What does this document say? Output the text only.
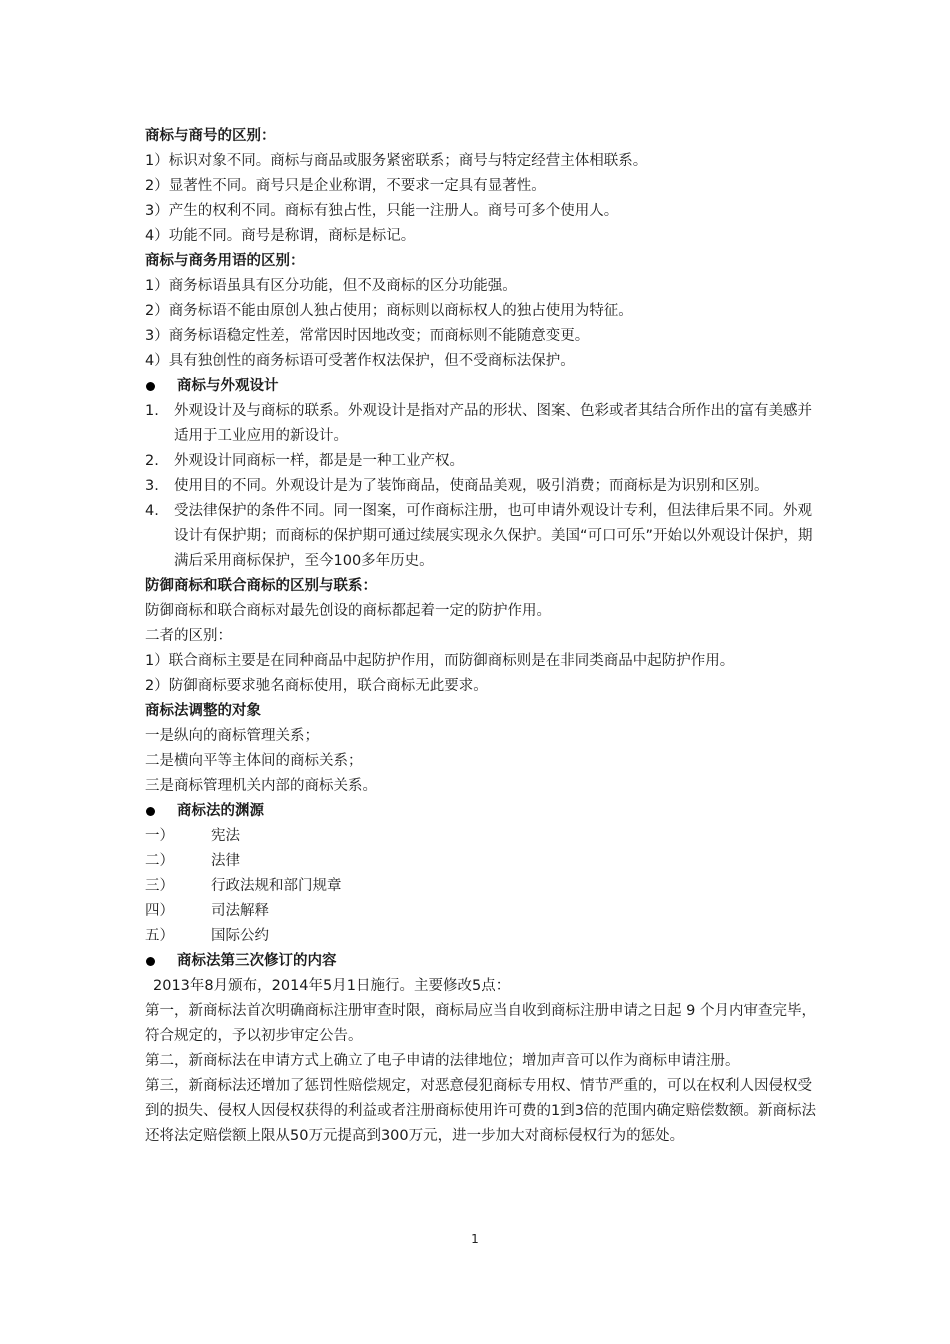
商标与商号的区别：
1）标识对象不同。商标与商品或服务紧密联系；商号与特定经营主体相联系。
2）显著性不同。商号只是企业称谓，不要求一定具有显著性。
3）产生的权利不同。商标有独占性，只能一注册人。商号可多个使用人。
4）功能不同。商号是称谓，商标是标记。
商标与商务用语的区别：
1）商务标语虽具有区分功能，但不及商标的区分功能强。
2）商务标语不能由原创人独占使用；商标则以商标权人的独占使用为特征。
3）商务标语稳定性差，常常因时因地改变；而商标则不能随意变更。
4）具有独创性的商务标语可受著作权法保护，但不受商标法保护。
商标与外观设计
1.	外观设计及与商标的联系。外观设计是指对产品的形状、图案、色彩或者其结合所作出的富有美感并适用于工业应用的新设计。
2.	外观设计同商标一样，都是是一种工业产权。
3.	使用目的不同。外观设计是为了装饰商品，使商品美观，吸引消费；而商标是为识别和区别。
4.	受法律保护的条件不同。同一图案，可作商标注册，也可申请外观设计专利，但法律后果不同。外观设计有保护期；而商标的保护期可通过续展实现永久保护。美国“可口可乐”开始以外观设计保护，期满后采用商标保护，至今100多年历史。
防御商标和联合商标的区别与联系：
防御商标和联合商标对最先创设的商标都起着一定的防护作用。
二者的区别：
1）联合商标主要是在同种商品中起防护作用，而防御商标则是在非同类商品中起防护作用。
2）防御商标要求驰名商标使用，联合商标无此要求。
商标法调整的对象
一是纵向的商标管理关系；
二是横向平等主体间的商标关系；
三是商标管理机关内部的商标关系。
商标法的渊源
一）	宪法
二）	法律
三）	行政法规和部门规章
四）	司法解释
五）	国际公约
商标法第三次修订的内容
2013年8月颁布，2014年5月1日施行。主要修改5点：
第一，新商标法首次明确商标注册审查时限，商标局应当自收到商标注册申请之日起 9 个月内审查完毕，符合规定的，予以初步审定公告。
第二，新商标法在申请方式上确立了电子申请的法律地位；增加声音可以作为商标申请注册。
第三，新商标法还增加了惩罚性赔偿规定，对恶意侵犯商标专用权、情节严重的，可以在权利人因侵权受到的损失、侵权人因侵权获得的利益或者注册商标使用许可费的1到3倍的范围内确定赔偿数额。新商标法还将法定赔偿额上限从50万元提高到300万元，进一步加大对商标侵权行为的惩处。
1
